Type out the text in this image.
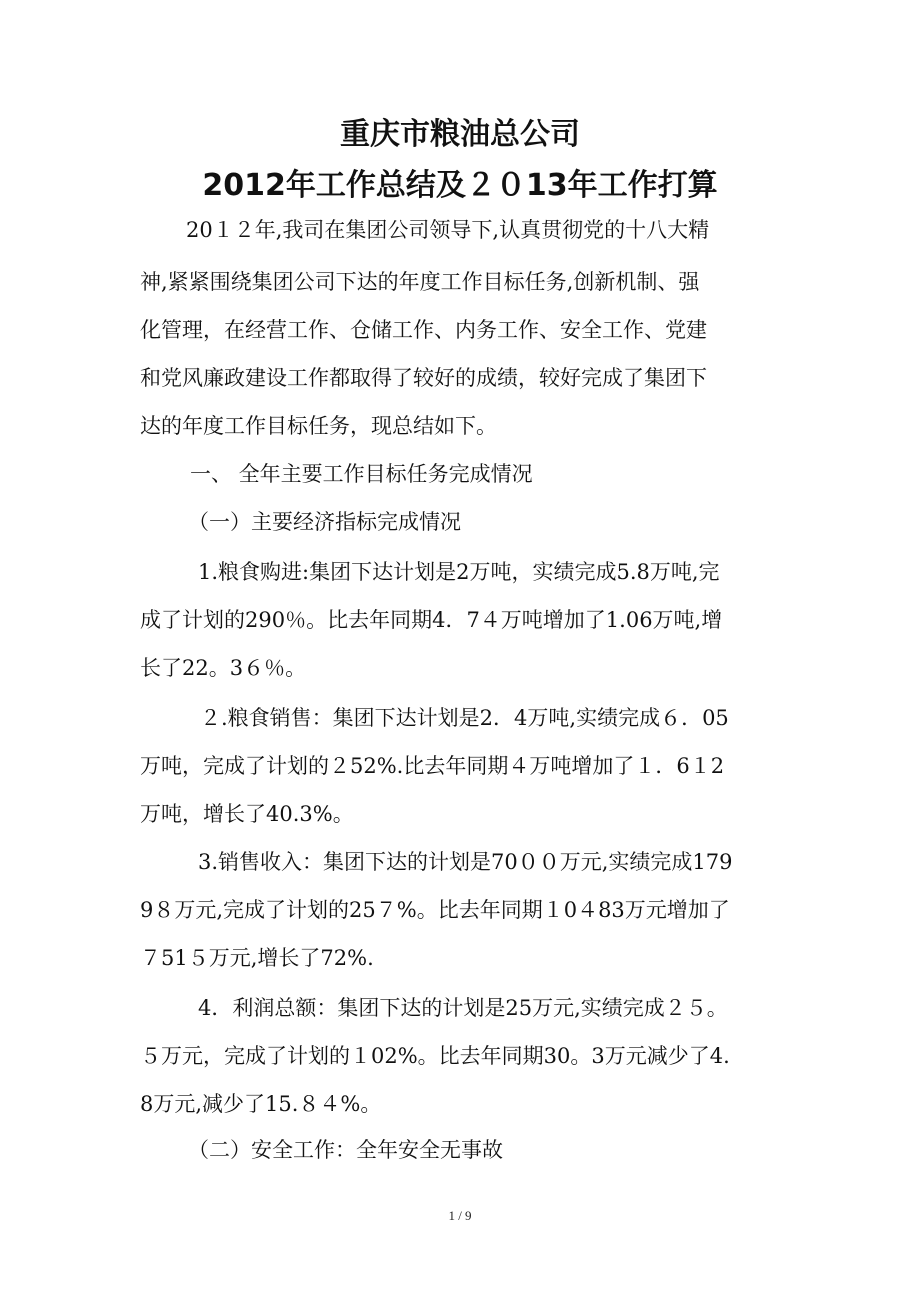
重庆市粮油总公司
2012年工作总结及２０13年工作打算
20１２年,我司在集团公司领导下,认真贯彻党的十八大精
神,紧紧围绕集团公司下达的年度工作目标任务,创新机制、强
化管理，在经营工作、仓储工作、内务工作、安全工作、党建
和党风廉政建设工作都取得了较好的成绩，较好完成了集团下
达的年度工作目标任务，现总结如下。
一、 全年主要工作目标任务完成情况
（一）主要经济指标完成情况
1.粮食购进:集团下达计划是2万吨，实绩完成5.8万吨,完
成了计划的290％。比去年同期4．7４万吨增加了1.06万吨,增
长了22。3６％。
２.粮食销售：集团下达计划是2．4万吨,实绩完成６．05
万吨，完成了计划的２52%.比去年同期４万吨增加了１．6１2
万吨，增长了40.3%。
3.销售收入：集团下达的计划是70００万元,实绩完成179
9８万元,完成了计划的25７%。比去年同期１0４83万元增加了
７51５万元,增长了72%.
4．利润总额：集团下达的计划是25万元,实绩完成２５。
５万元，完成了计划的１02%。比去年同期30。3万元减少了4.
8万元,减少了15.８４%。
（二）安全工作：全年安全无事故
1 / 9
